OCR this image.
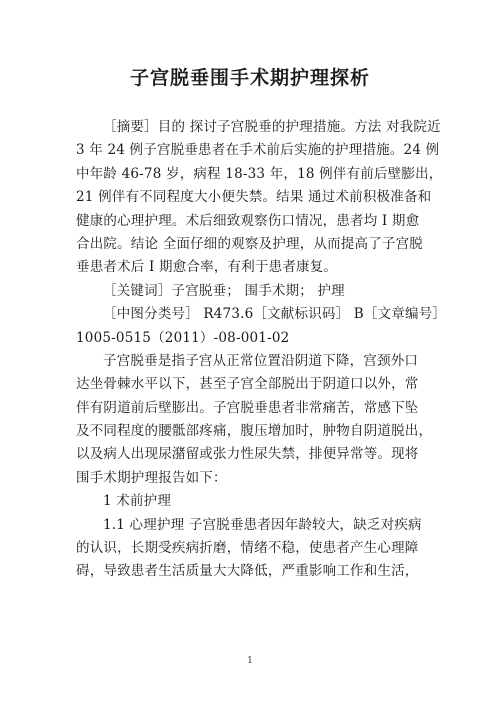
子宫脱垂围手术期护理探析
［摘要］目的 探讨子宫脱垂的护理措施。方法 对我院近
3 年 24 例子宫脱垂患者在手术前后实施的护理措施。24 例
中年龄 46-78 岁，病程 18-33 年，18 例伴有前后壁膨出，
21 例伴有不同程度大小便失禁。结果 通过术前积极准备和
健康的心理护理。术后细致观察伤口情况，患者均 I 期愈
合出院。结论 全面仔细的观察及护理，从而提高了子宫脱
垂患者术后 I 期愈合率，有利于患者康复。
［关键词］子宫脱垂； 围手术期； 护理
［中图分类号］ R473.6［文献标识码］ B［文章编号］
1005-0515（2011）-08-001-02
子宫脱垂是指子宫从正常位置沿阴道下降，宫颈外口
达坐骨棘水平以下，甚至子宫全部脱出于阴道口以外，常
伴有阴道前后壁膨出。子宫脱垂患者非常痛苦，常感下坠
及不同程度的腰骶部疼痛，腹压增加时，肿物自阴道脱出，
以及病人出现尿潴留或张力性尿失禁，排便异常等。现将
围手术期护理报告如下：
1 术前护理
1.1 心理护理 子宫脱垂患者因年龄较大，缺乏对疾病
的认识，长期受疾病折磨，情绪不稳，使患者产生心理障
碍，导致患者生活质量大大降低，严重影响工作和生活，
1
